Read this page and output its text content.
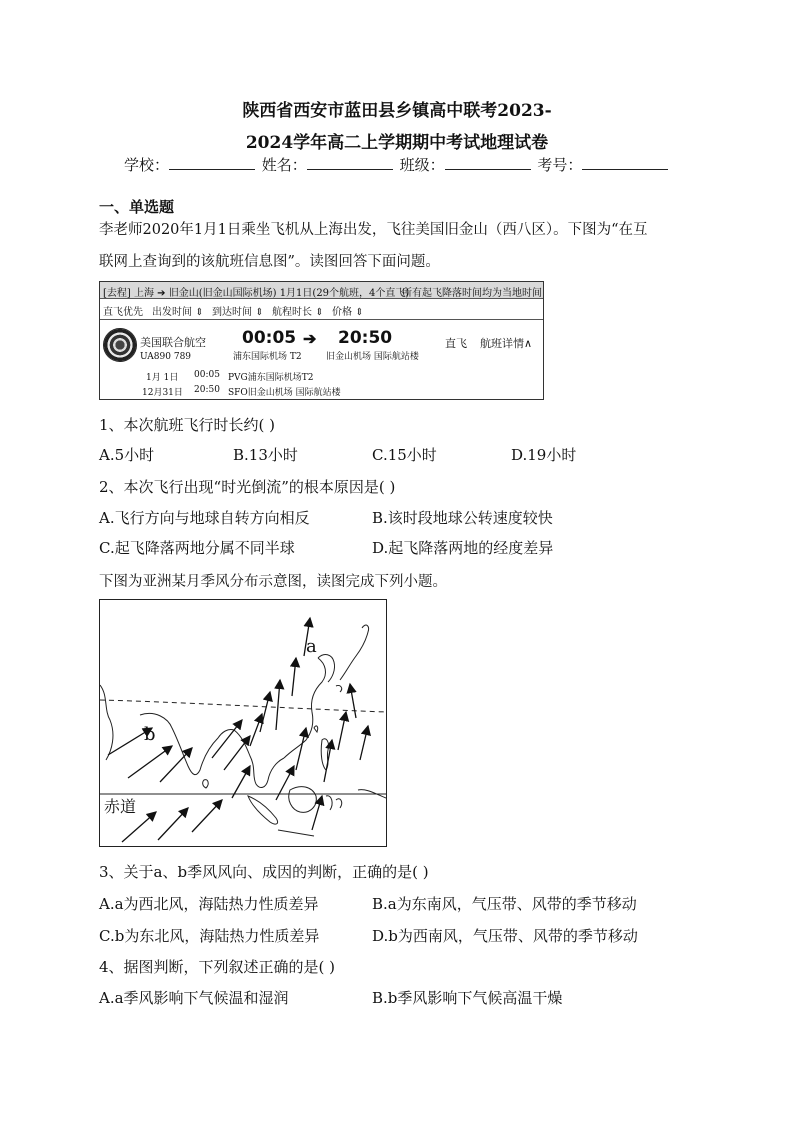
陕西省西安市蓝田县乡镇高中联考2023-
2024学年高二上学期期中考试地理试卷
学校：	姓名：	班级：	考号：
一、单选题
李老师2020年1月1日乘坐飞机从上海出发，飞往美国旧金山（西八区）。下图为“在互
联网上查询到的该航班信息图”。读图回答下面问题。
[去程] 上海 ➔ 旧金山(旧金山国际机场) 1月1日(29个航班，4个直飞)
所有起飞降落时间均为当地时间
直飞优先 出发时间 ⇕ 到达时间 ⇕ 航程时长 ⇕ 价格 ⇕
美国联合航空
UA890 789
00:05 ➔ 20:50
浦东国际机场 T2	旧金山机场 国际航站楼
直飞 航班详情∧
1月 1日 00:05 PVG浦东国际机场T2
12月31日 20:50 SFO旧金山机场 国际航站楼
1、本次航班飞行时长约( )
A.5小时	B.13小时	C.15小时	D.19小时
2、本次飞行出现“时光倒流”的根本原因是( )
A.飞行方向与地球自转方向相反	B.该时段地球公转速度较快
C.起飞降落两地分属不同半球	D.起飞降落两地的经度差异
下图为亚洲某月季风分布示意图，读图完成下列小题。
a
b
赤道
3、关于a、b季风风向、成因的判断，正确的是( )
A.a为西北风，海陆热力性质差异	B.a为东南风，气压带、风带的季节移动
C.b为东北风，海陆热力性质差异	D.b为西南风，气压带、风带的季节移动
4、据图判断，下列叙述正确的是( )
A.a季风影响下气候温和湿润	B.b季风影响下气候高温干燥
